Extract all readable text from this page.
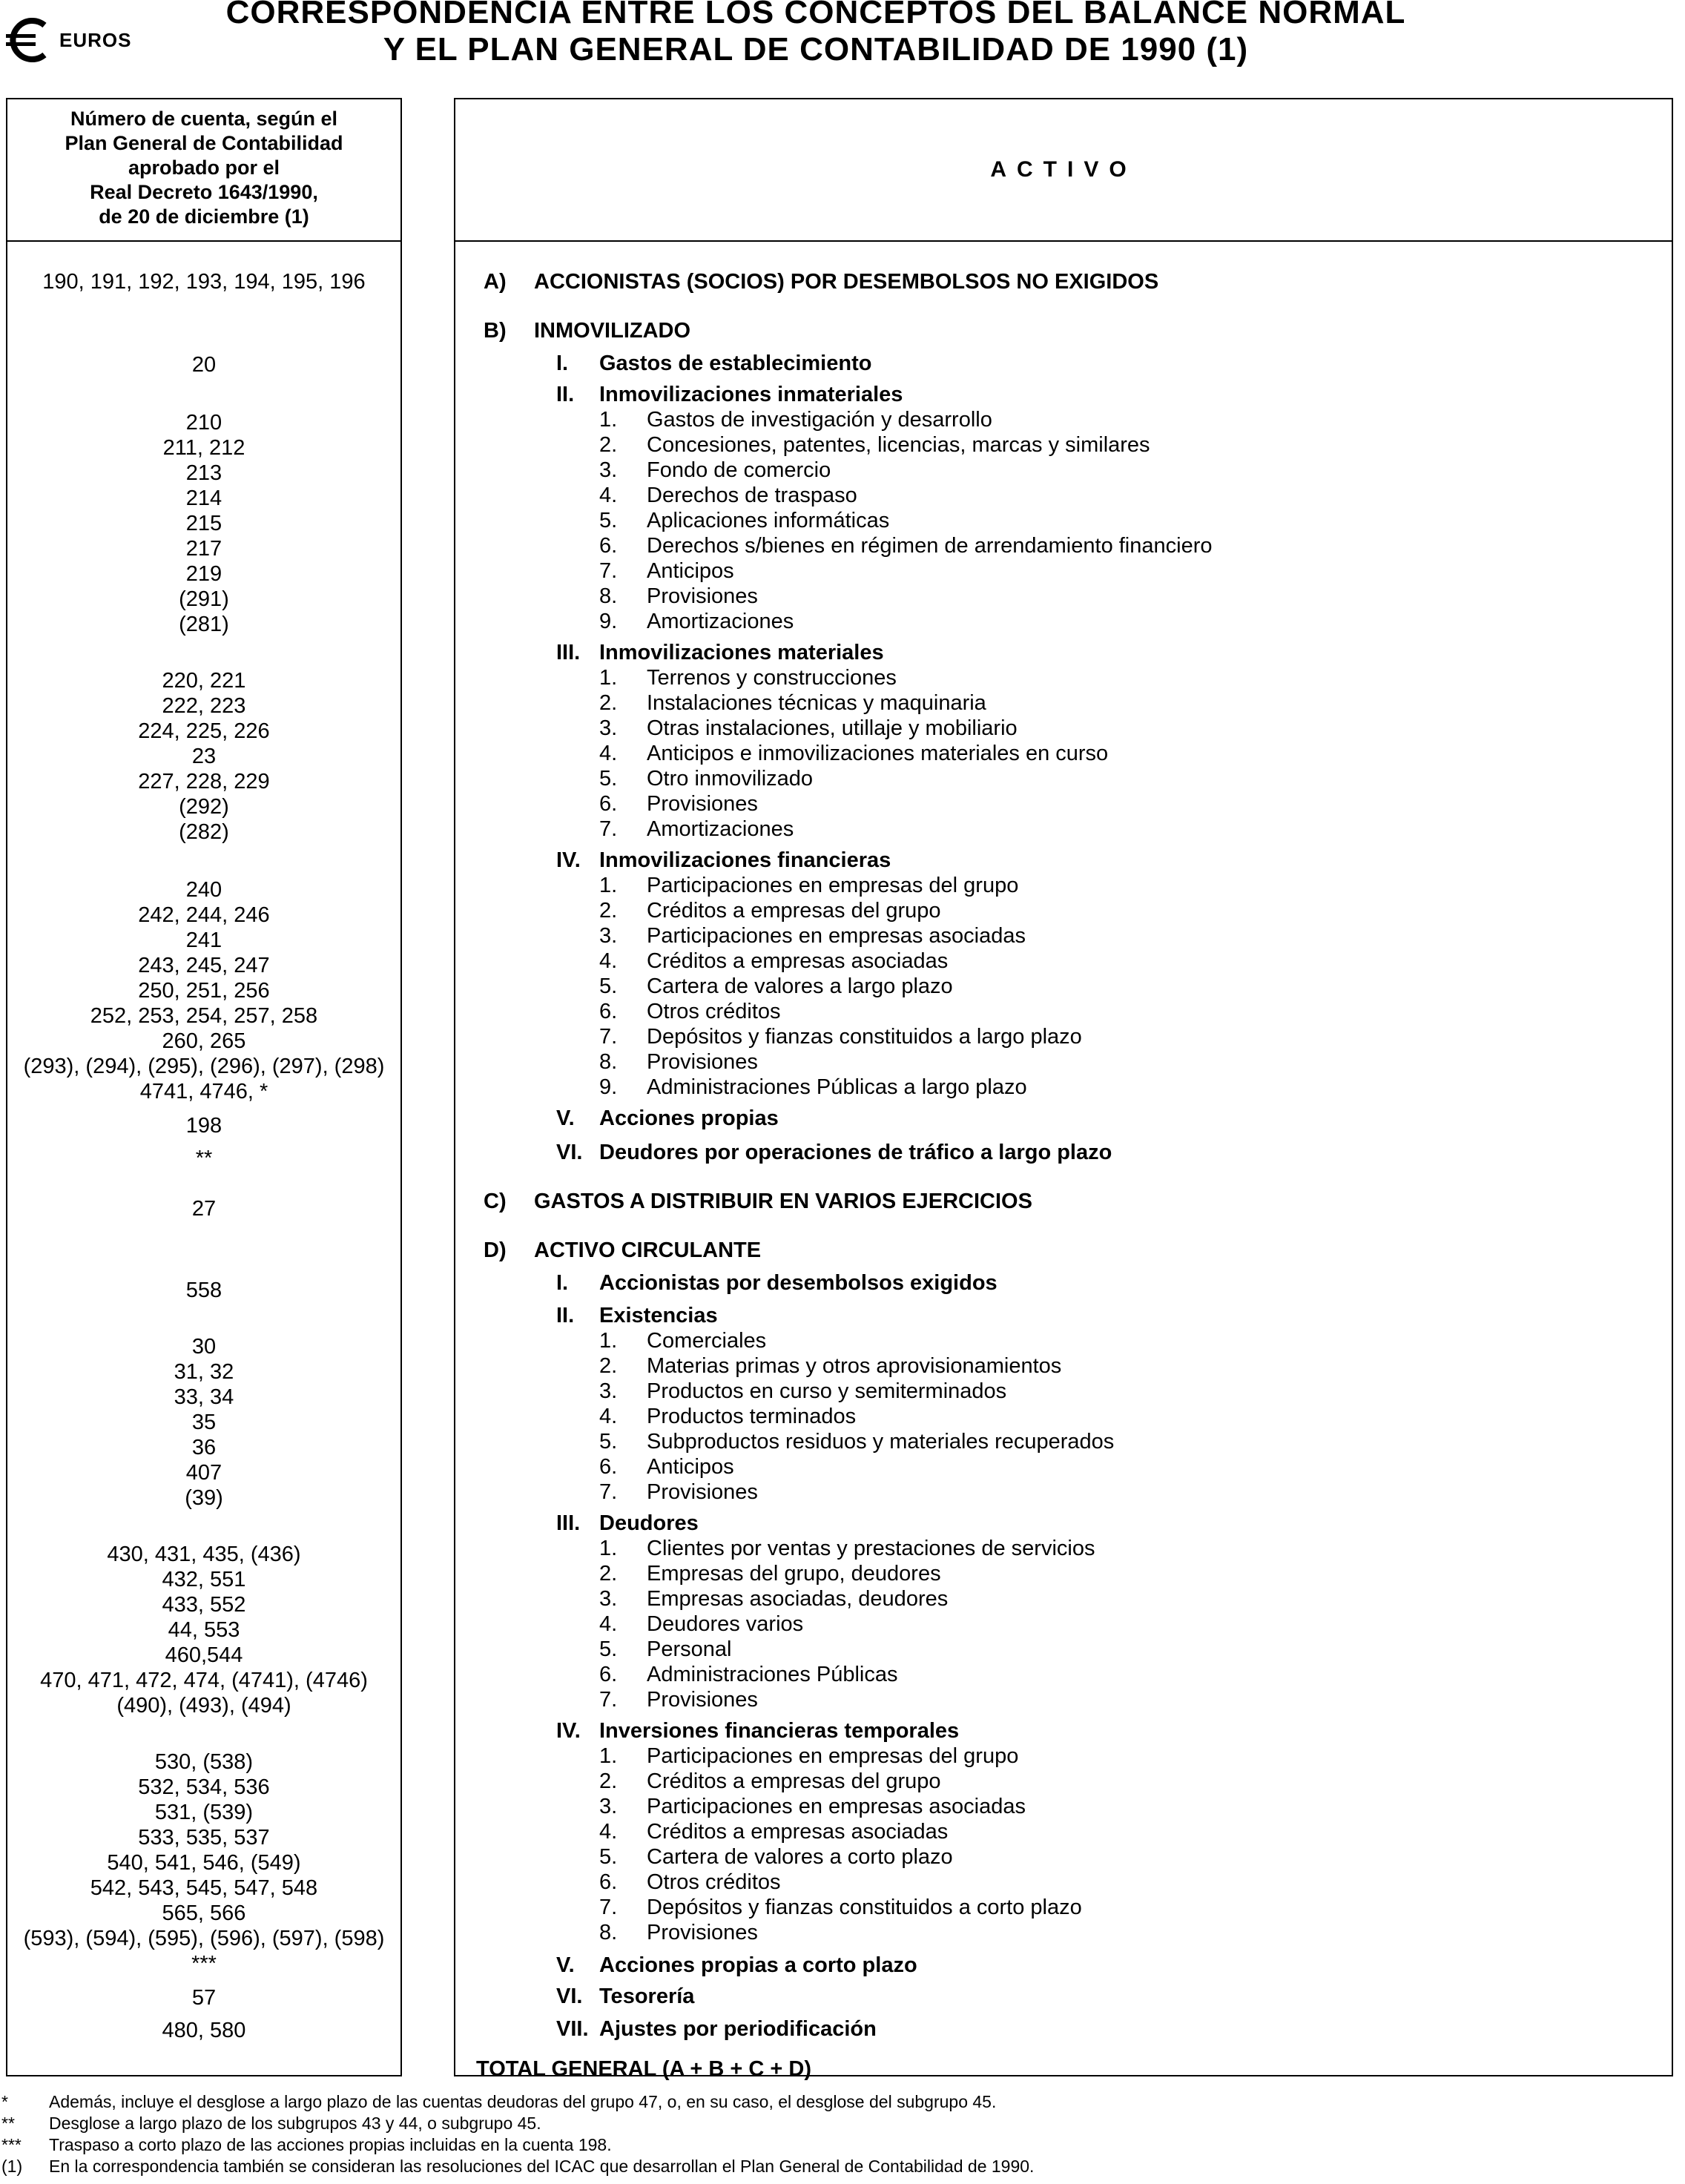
EUROS
CORRESPONDENCIA ENTRE LOS CONCEPTOS DEL BALANCE NORMAL
Y EL PLAN GENERAL DE CONTABILIDAD DE 1990 (1)
Número de cuenta, según el
Plan General de Contabilidad
aprobado por el
Real Decreto 1643/1990,
de 20 de diciembre (1)
190, 191, 192, 193, 194, 195, 196
20
210
211, 212
213
214
215
217
219
(291)
(281)
220, 221
222, 223
224, 225, 226
23
227, 228, 229
(292)
(282)
240
242, 244, 246
241
243, 245, 247
250, 251, 256
252, 253, 254, 257, 258
260, 265
(293), (294), (295), (296), (297), (298)
4741, 4746, *
198
**
27
558
30
31, 32
33, 34
35
36
407
(39)
430, 431, 435, (436)
432, 551
433, 552
44, 553
460,544
470, 471, 472, 474, (4741), (4746)
(490), (493), (494)
530, (538)
532, 534, 536
531, (539)
533, 535, 537
540, 541, 546, (549)
542, 543, 545, 547, 548
565, 566
(593), (594), (595), (596), (597), (598)
***
57
480, 580
ACTIVO
A) ACCIONISTAS (SOCIOS) POR DESEMBOLSOS NO EXIGIDOS
B) INMOVILIZADO
I. Gastos de establecimiento
II. Inmovilizaciones inmateriales
1. Gastos de investigación y desarrollo
2. Concesiones, patentes, licencias, marcas y similares
3. Fondo de comercio
4. Derechos de traspaso
5. Aplicaciones informáticas
6. Derechos s/bienes en régimen de arrendamiento financiero
7. Anticipos
8. Provisiones
9. Amortizaciones
III. Inmovilizaciones materiales
1. Terrenos y construcciones
2. Instalaciones técnicas y maquinaria
3. Otras instalaciones, utillaje y mobiliario
4. Anticipos e inmovilizaciones materiales en curso
5. Otro inmovilizado
6. Provisiones
7. Amortizaciones
IV. Inmovilizaciones financieras
1. Participaciones en empresas del grupo
2. Créditos a empresas del grupo
3. Participaciones en empresas asociadas
4. Créditos a empresas asociadas
5. Cartera de valores a largo plazo
6. Otros créditos
7. Depósitos y fianzas constituidos a largo plazo
8. Provisiones
9. Administraciones Públicas a largo plazo
V. Acciones propias
VI. Deudores por operaciones de tráfico a largo plazo
C) GASTOS A DISTRIBUIR EN VARIOS EJERCICIOS
D) ACTIVO CIRCULANTE
I. Accionistas por desembolsos exigidos
II. Existencias
1. Comerciales
2. Materias primas y otros aprovisionamientos
3. Productos en curso y semiterminados
4. Productos terminados
5. Subproductos residuos y materiales recuperados
6. Anticipos
7. Provisiones
III. Deudores
1. Clientes por ventas y prestaciones de servicios
2. Empresas del grupo, deudores
3. Empresas asociadas, deudores
4. Deudores varios
5. Personal
6. Administraciones Públicas
7. Provisiones
IV. Inversiones financieras temporales
1. Participaciones en empresas del grupo
2. Créditos a empresas del grupo
3. Participaciones en empresas asociadas
4. Créditos a empresas asociadas
5. Cartera de valores a corto plazo
6. Otros créditos
7. Depósitos y fianzas constituidos a corto plazo
8. Provisiones
V. Acciones propias a corto plazo
VI. Tesorería
VII. Ajustes por periodificación
TOTAL GENERAL (A + B + C + D)
* Además, incluye el desglose a largo plazo de las cuentas deudoras del grupo 47, o, en su caso, el desglose del subgrupo 45.
** Desglose a largo plazo de los subgrupos 43 y 44, o subgrupo 45.
*** Traspaso a corto plazo de las acciones propias incluidas en la cuenta 198.
(1) En la correspondencia también se consideran las resoluciones del ICAC que desarrollan el Plan General de Contabilidad de 1990.
